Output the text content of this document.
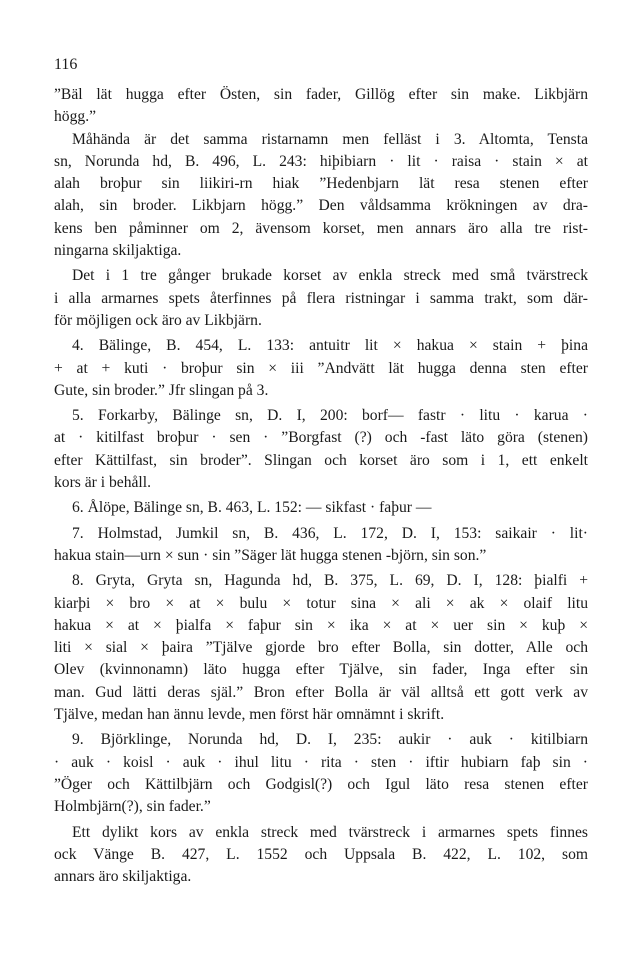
116
”Bäl lät hugga efter Östen, sin fader, Gillög efter sin make. Likbjärn
högg.”
Måhända är det samma ristarnamn men felläst i 3. Altomta, Tensta
sn, Norunda hd, B. 496, L. 243: hiþibiarn · lit · raisa · stain × at
alah broþur sin liikiri-rn hiak ”Hedenbjarn lät resa stenen efter
alah, sin broder. Likbjarn högg.” Den våldsamma krökningen av dra-
kens ben påminner om 2, ävensom korset, men annars äro alla tre rist-
ningarna skiljaktiga.
Det i 1 tre gånger brukade korset av enkla streck med små tvärstreck
i alla armarnes spets återfinnes på flera ristningar i samma trakt, som där-
för möjligen ock äro av Likbjärn.
4. Bälinge, B. 454, L. 133: antuitr lit × hakua × stain + þina
+ at + kuti · broþur sin × iii ”Andvätt lät hugga denna sten efter
Gute, sin broder.” Jfr slingan på 3.
5. Forkarby, Bälinge sn, D. I, 200: borf— fastr · litu · karua ·
at · kitilfast broþur · sen · ”Borgfast (?) och -fast läto göra (stenen)
efter Kättilfast, sin broder”. Slingan och korset äro som i 1, ett enkelt
kors är i behåll.
6. Ålöpe, Bälinge sn, B. 463, L. 152: — sikfast · faþur —
7. Holmstad, Jumkil sn, B. 436, L. 172, D. I, 153: saikair · lit·
hakua stain—urn × sun · sin ”Säger lät hugga stenen -björn, sin son.”
8. Gryta, Gryta sn, Hagunda hd, B. 375, L. 69, D. I, 128: þialfi +
kiarþi × bro × at × bulu × totur sina × ali × ak × olaif litu
hakua × at × þialfa × faþur sin × ika × at × uer sin × kuþ ×
liti × sial × þaira ”Tjälve gjorde bro efter Bolla, sin dotter, Alle och
Olev (kvinnonamn) läto hugga efter Tjälve, sin fader, Inga efter sin
man. Gud lätti deras själ.” Bron efter Bolla är väl alltså ett gott verk av
Tjälve, medan han ännu levde, men först här omnämnt i skrift.
9. Björklinge, Norunda hd, D. I, 235: aukir · auk · kitilbiarn
· auk · koisl · auk · ihul litu · rita · sten · iftir hubiarn faþ sin ·
”Öger och Kättilbjärn och Godgisl(?) och Igul läto resa stenen efter
Holmbjärn(?), sin fader.”
Ett dylikt kors av enkla streck med tvärstreck i armarnes spets finnes
ock Vänge B. 427, L. 1552 och Uppsala B. 422, L. 102, som
annars äro skiljaktiga.
